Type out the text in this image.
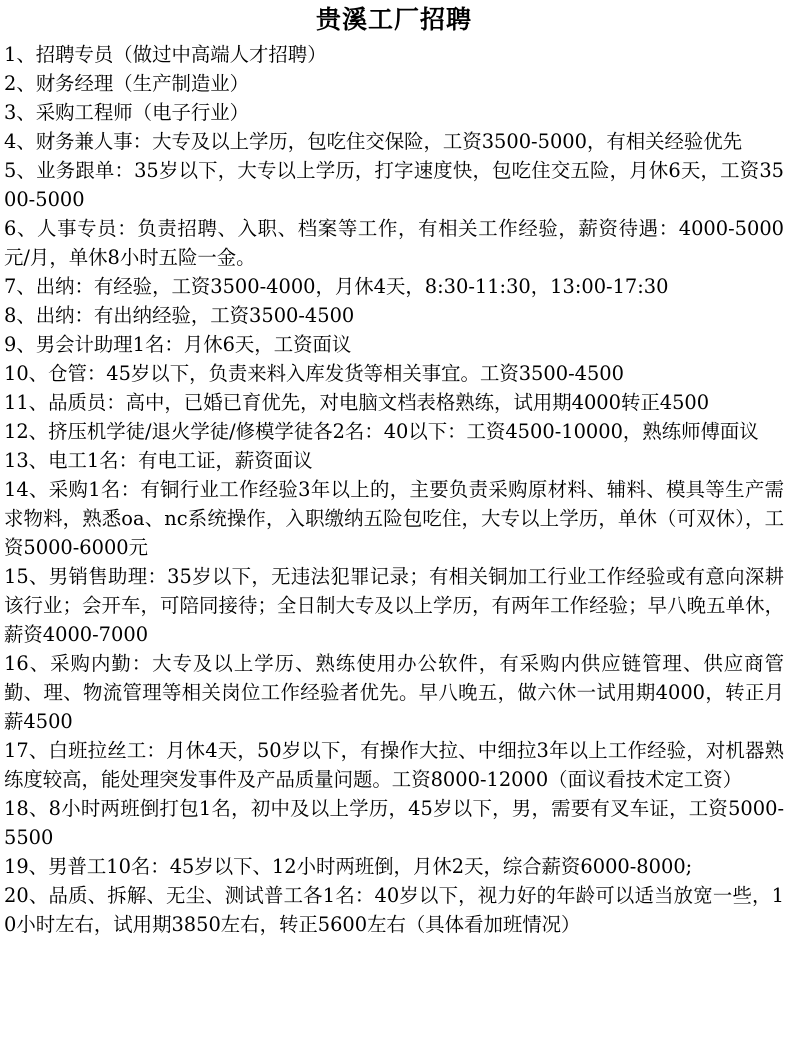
贵溪工厂招聘
1、招聘专员（做过中高端人才招聘）
2、财务经理（生产制造业）
3、采购工程师（电子行业）
4、财务兼人事：大专及以上学历，包吃住交保险，工资3500-5000，有相关经验优先
5、业务跟单：35岁以下，大专以上学历，打字速度快，包吃住交五险，月休6天，工资3500-5000
6、人事专员：负责招聘、入职、档案等工作，有相关工作经验，薪资待遇：4000-5000元/月，单休8小时五险一金。
7、出纳：有经验，工资3500-4000，月休4天，8:30-11:30，13:00-17:30
8、出纳：有出纳经验，工资3500-4500
9、男会计助理1名：月休6天，工资面议
10、仓管：45岁以下，负责来料入库发货等相关事宜。工资3500-4500
11、品质员：高中，已婚已育优先，对电脑文档表格熟练，试用期4000转正4500
12、挤压机学徒/退火学徒/修模学徒各2名：40以下：工资4500-10000，熟练师傅面议
13、电工1名：有电工证，薪资面议
14、采购1名：有铜行业工作经验3年以上的，主要负责采购原材料、辅料、模具等生产需求物料，熟悉oa、nc系统操作，入职缴纳五险包吃住，大专以上学历，单休（可双休），工资5000-6000元
15、男销售助理：35岁以下，无违法犯罪记录；有相关铜加工行业工作经验或有意向深耕该行业；会开车，可陪同接待；全日制大专及以上学历，有两年工作经验；早八晚五单休，薪资4000-7000
16、采购内勤：大专及以上学历、熟练使用办公软件，有采购内供应链管理、供应商管勤、理、物流管理等相关岗位工作经验者优先。早八晚五，做六休一试用期4000，转正月薪4500
17、白班拉丝工：月休4天，50岁以下，有操作大拉、中细拉3年以上工作经验，对机器熟练度较高，能处理突发事件及产品质量问题。工资8000-12000（面议看技术定工资）
18、8小时两班倒打包1名，初中及以上学历，45岁以下，男，需要有叉车证，工资5000-5500
19、男普工10名：45岁以下、12小时两班倒，月休2天，综合薪资6000-8000;
20、品质、拆解、无尘、测试普工各1名：40岁以下，视力好的年龄可以适当放宽一些，10小时左右，试用期3850左右，转正5600左右（具体看加班情况）
